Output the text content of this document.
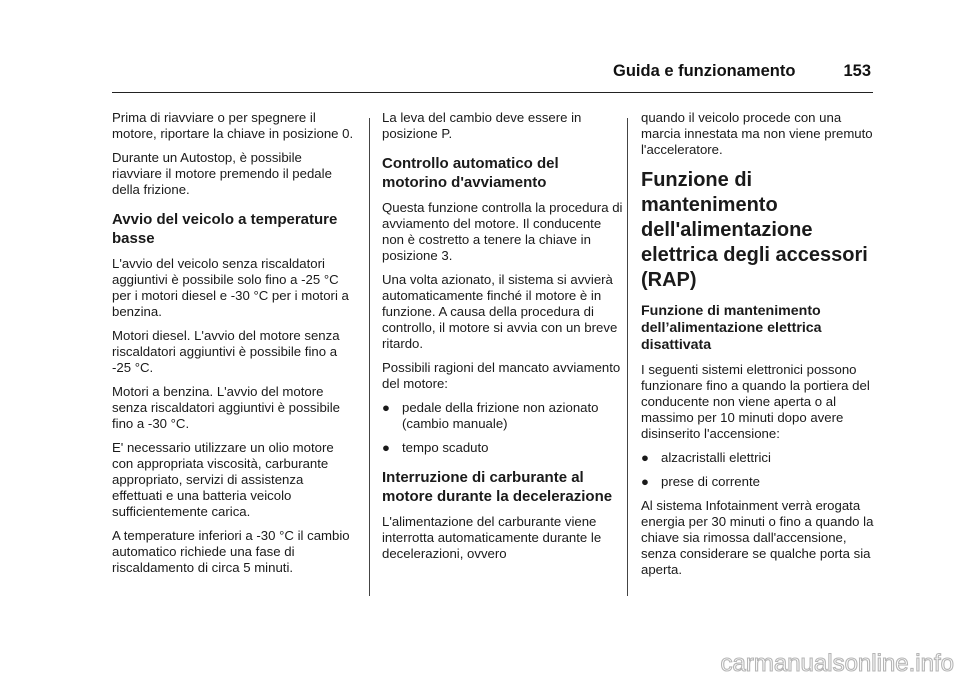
Guida e funzionamento	153

Prima di riavviare o per spegnere il motore, riportare la chiave in posizione 0.

Durante un Autostop, è possibile riavviare il motore premendo il pedale della frizione.

Avvio del veicolo a temperature basse

L'avvio del veicolo senza riscaldatori aggiuntivi è possibile solo fino a -25 °C per i motori diesel e -30 °C per i motori a benzina.

Motori diesel. L'avvio del motore senza riscaldatori aggiuntivi è possibile fino a -25 °C.

Motori a benzina. L'avvio del motore senza riscaldatori aggiuntivi è possibile fino a -30 °C.

E' necessario utilizzare un olio motore con appropriata viscosità, carburante appropriato, servizi di assistenza effettuati e una batteria veicolo sufficientemente carica.

A temperature inferiori a -30 °C il cambio automatico richiede una fase di riscaldamento di circa 5 minuti.

La leva del cambio deve essere in posizione P.

Controllo automatico del motorino d'avviamento

Questa funzione controlla la procedura di avviamento del motore. Il conducente non è costretto a tenere la chiave in posizione 3.

Una volta azionato, il sistema si avvierà automaticamente finché il motore è in funzione. A causa della procedura di controllo, il motore si avvia con un breve ritardo.

Possibili ragioni del mancato avviamento del motore:

● pedale della frizione non azionato (cambio manuale)
● tempo scaduto
Interruzione di carburante al motore durante la decelerazione

L'alimentazione del carburante viene interrotta automaticamente durante le decelerazioni, ovvero

quando il veicolo procede con una marcia innestata ma non viene premuto l'acceleratore.

Funzione di mantenimento dell'alimentazione elettrica degli accessori (RAP)
Funzione di mantenimento dell’alimentazione elettrica disattivata

I seguenti sistemi elettronici possono funzionare fino a quando la portiera del conducente non viene aperta o al massimo per 10 minuti dopo avere disinserito l'accensione:

● alzacristalli elettrici
● prese di corrente

Al sistema Infotainment verrà erogata energia per 30 minuti o fino a quando la chiave sia rimossa dall'accensione, senza considerare se qualche porta sia aperta.

carmanualsonline.info
